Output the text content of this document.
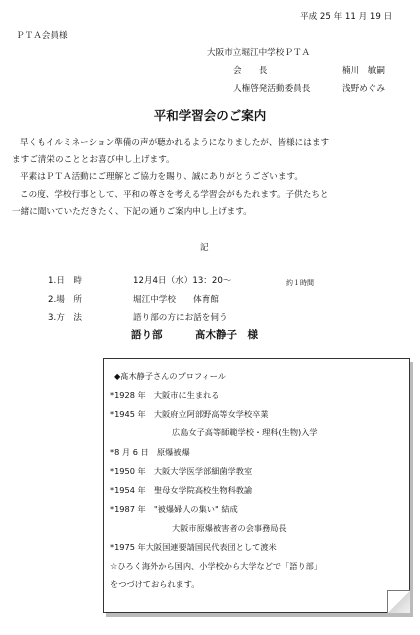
平成 25 年 11 月 19 日
ＰＴＡ会員様
大阪市立堀江中学校ＰＴＡ
会　　長	楠川　敏嗣
人権啓発活動委員長	浅野めぐみ
平和学習会のご案内
早くもイルミネーション準備の声が聴かれるようになりましたが、皆様にはます
ますご清栄のこととお喜び申し上げます。
平素はＰＴＡ活動にご理解とご協力を賜り、誠にありがとうございます。
この度、学校行事として、平和の尊さを考える学習会がもたれます。子供たちと
一緒に聞いていただきたく、下記の通りご案内申し上げます。
記
1.日　時	12月4日（水）13：20〜	約１時間
2.場　所	堀江中学校　　体育館
3.方　法	語り部の方にお話を伺う
語り部	髙木静子　様
◆髙木静子さんのプロフィール
*1928 年　大阪市に生まれる
*1945 年　大阪府立阿部野高等女学校卒業
広島女子高等師範学校・理科(生物)入学
*8 月 6 日　原爆被爆
*1950 年　大阪大学医学部細菌学教室
*1954 年　聖母女学院高校生物科教諭
*1987 年　"被爆婦人の集い" 結成
大阪市原爆被害者の会事務局長
*1975 年大阪国連要請国民代表団として渡米
☆ひろく海外から国内、小学校から大学などで「語り部」
をつづけておられます。
